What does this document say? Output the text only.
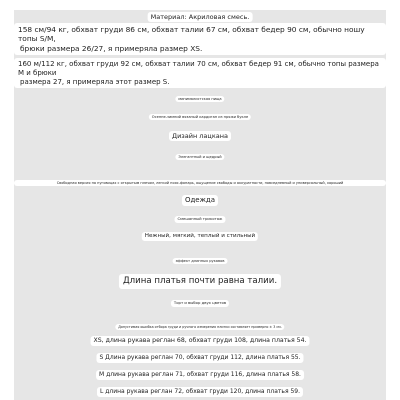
Материал: Акриловая смесь.
158 см/94 кг, обхват груди 86 см, обхват талии 67 см, обхват бедер 90 см, обычно ношу топы S/M,
брюки размера 26/27, я примеряла размер XS.
160 м/112 кг, обхват груди 92 см, обхват талии 70 см, обхват бедер 91 см, обычно топы размера M и брюки
размера 27, я примеряла этот размер S.
минималистская нища
Осенне-зимний вязаный кардиган из пряжи букле
Дизайн лацкана
Элегантный и щедрый
Свободная версия на пуговицах с открытым плечом, легкий пояс-фонарь, ощущение свободы и аккуратности, повседневный и универсальный, хороший
Одежда
Смешанный трикотаж
Нежный, мягкий, теплый и стильный
эффект длинных рукавов
Длина платья почти равна талии.
Торт и выбор двух цветов
Допустимая ошибка отбора груди и ручного измерения плитки составляет примерно ± 3 см.
XS, длина рукава реглан 68, обхват груди 108, длина платья 54.
S Длина рукава реглан 70, обхват груди 112, длина платья 55.
M длина рукава реглан 71, обхват груди 116, длина платья 58.
L длина рукава реглан 72, обхват груди 120, длина платья 59.
